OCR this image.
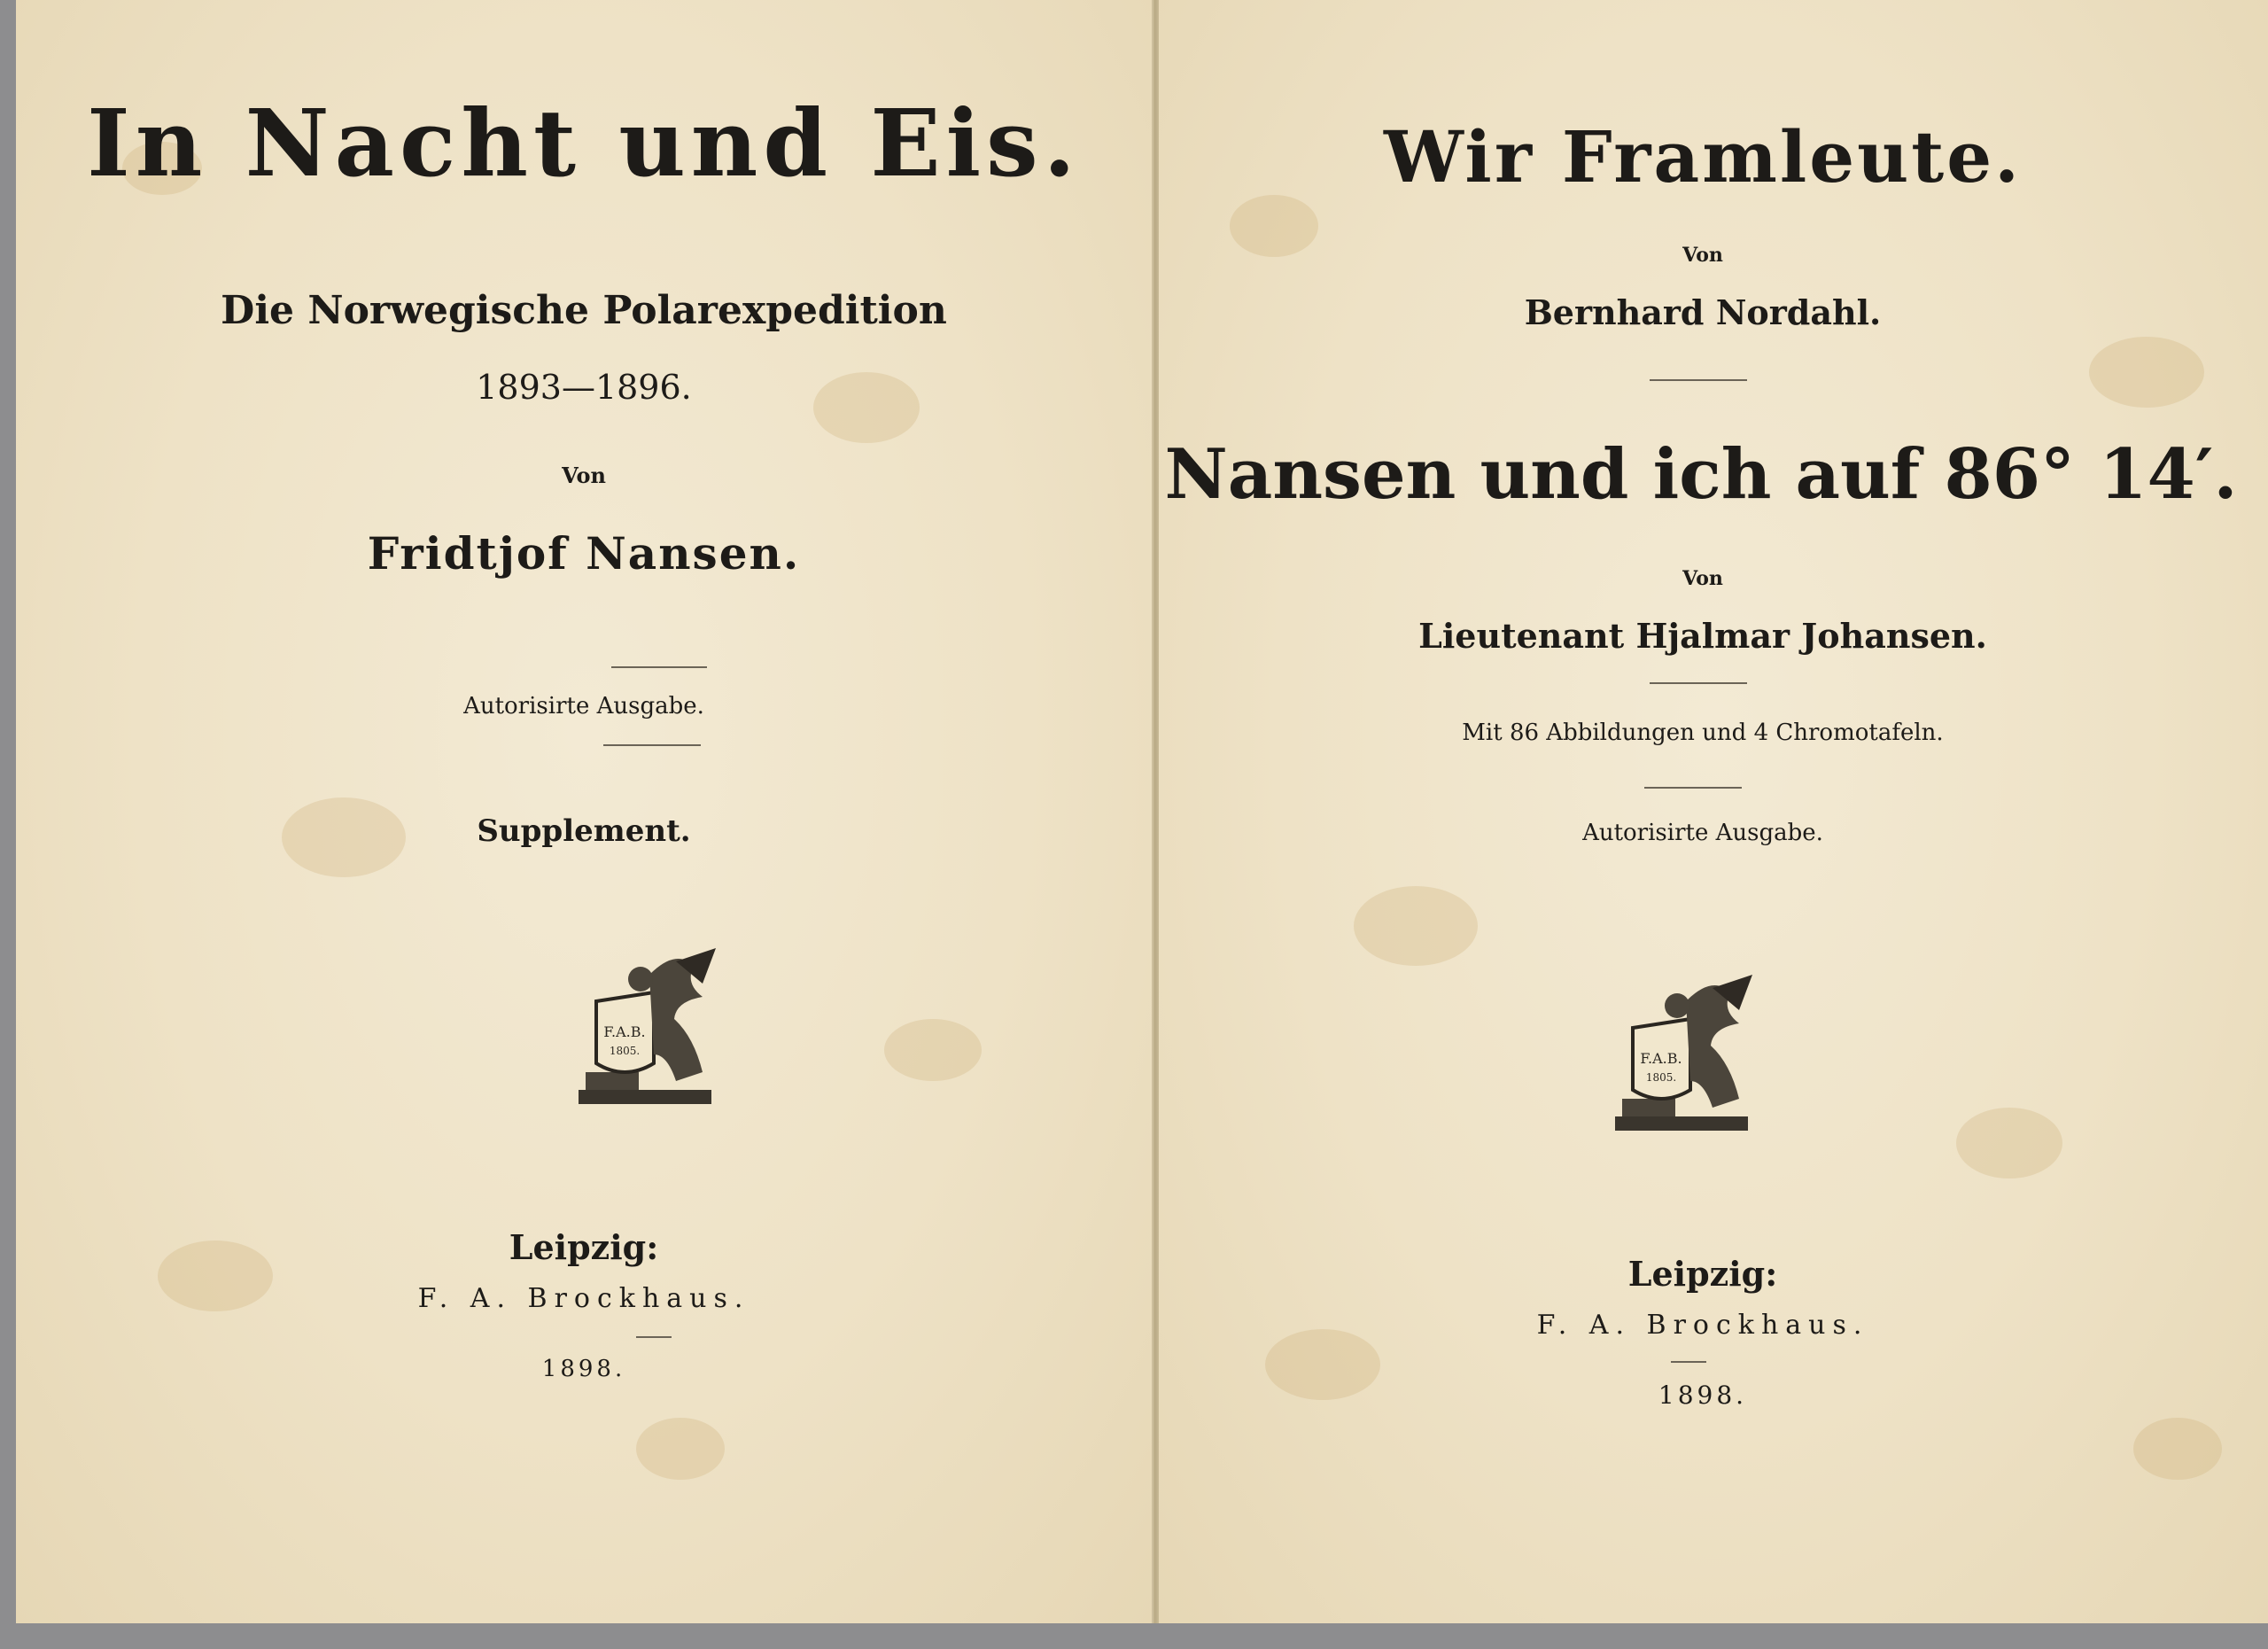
In Nacht und Eis.

Die Norwegische Polarexpedition

1893—1896.

Von

Fridtjof Nansen.

Autorisirte Ausgabe.

Supplement.

F.A.B.
1805.

Leipzig:

F. A. Brockhaus.

1898.

Wir Framleute.

Von

Bernhard Nordahl.

Nansen und ich auf 86° 14′.

Von

Lieutenant Hjalmar Johansen.

Mit 86 Abbildungen und 4 Chromotafeln.

Autorisirte Ausgabe.

F.A.B.
1805.

Leipzig:

F. A. Brockhaus.

1898.
